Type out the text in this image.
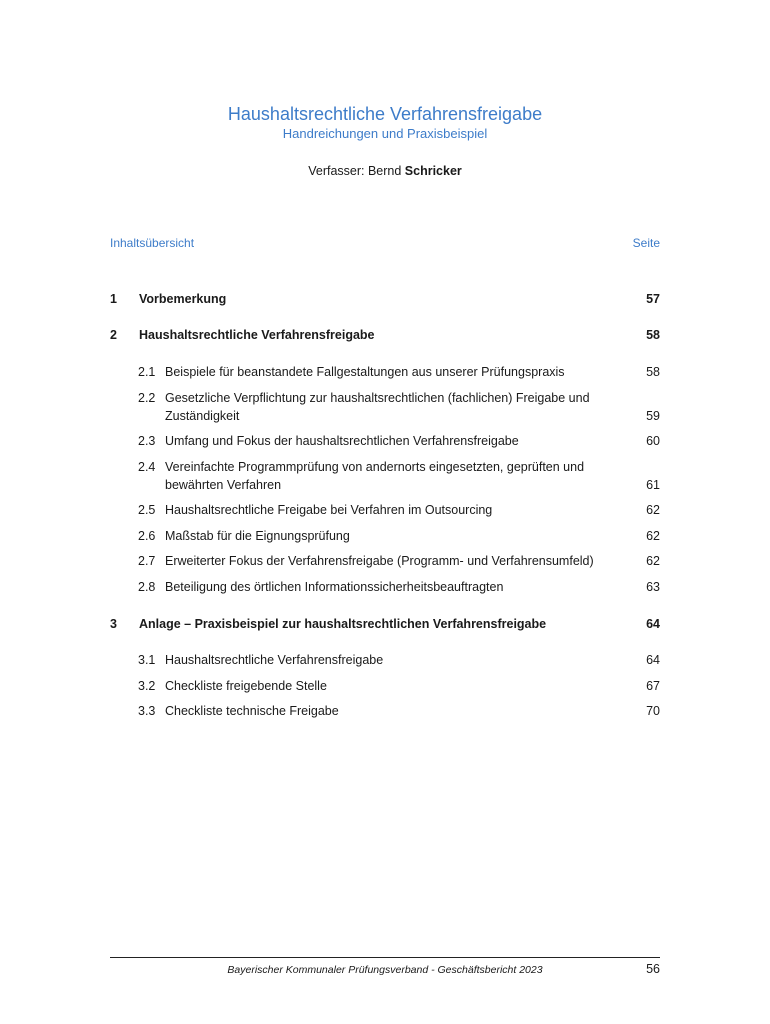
Haushaltsrechtliche Verfahrensfreigabe
Handreichungen und Praxisbeispiel
Verfasser: Bernd Schricker
Inhaltsübersicht	Seite
1 Vorbemerkung	57
2 Haushaltsrechtliche Verfahrensfreigabe	58
2.1 Beispiele für beanstandete Fallgestaltungen aus unserer Prüfungspraxis	58
2.2 Gesetzliche Verpflichtung zur haushaltsrechtlichen (fachlichen) Freigabe und Zuständigkeit	59
2.3 Umfang und Fokus der haushaltsrechtlichen Verfahrensfreigabe	60
2.4 Vereinfachte Programmprüfung von andernorts eingesetzten, geprüften und bewährten Verfahren	61
2.5 Haushaltsrechtliche Freigabe bei Verfahren im Outsourcing	62
2.6 Maßstab für die Eignungsprüfung	62
2.7 Erweiterter Fokus der Verfahrensfreigabe (Programm- und Verfahrensumfeld)	62
2.8 Beteiligung des örtlichen Informationssicherheitsbeauftragten	63
3 Anlage – Praxisbeispiel zur haushaltsrechtlichen Verfahrensfreigabe	64
3.1 Haushaltsrechtliche Verfahrensfreigabe	64
3.2 Checkliste freigebende Stelle	67
3.3 Checkliste technische Freigabe	70
Bayerischer Kommunaler Prüfungsverband - Geschäftsbericht 2023	56
